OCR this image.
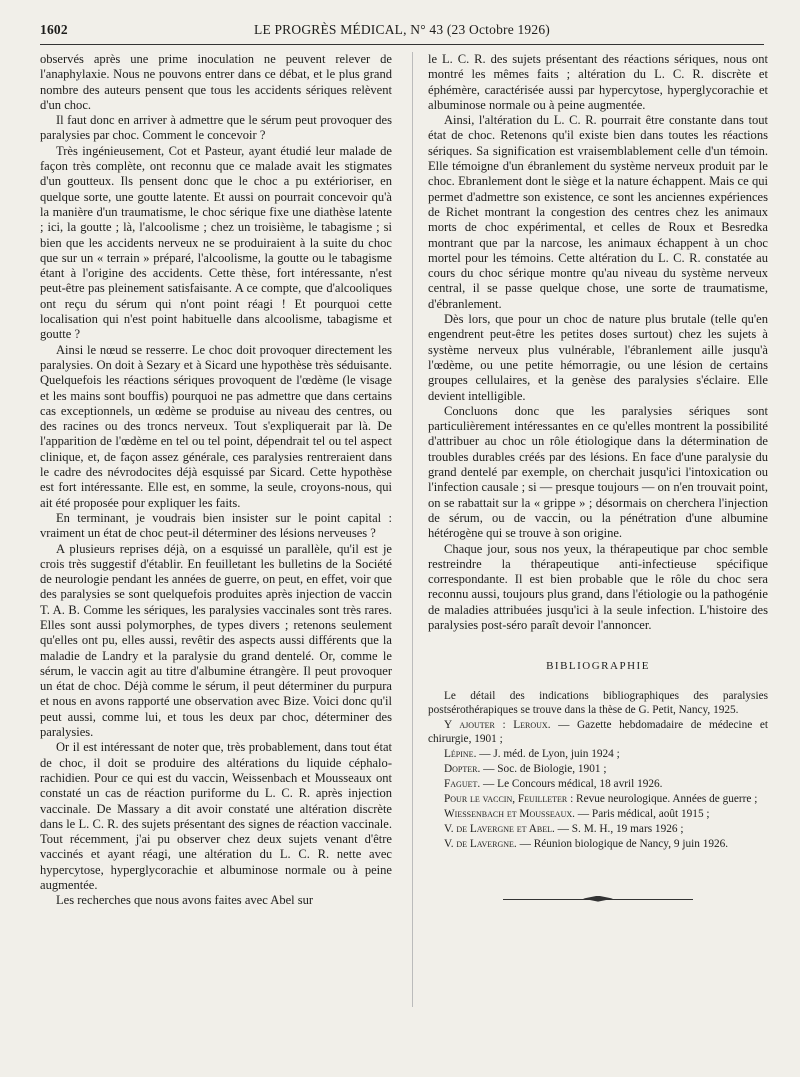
1602	LE PROGRÈS MÉDICAL, N° 43 (23 Octobre 1926)

observés après une prime inoculation ne peuvent relever de l'anaphylaxie. Nous ne pouvons entrer dans ce débat, et le plus grand nombre des auteurs pensent que tous les accidents sériques relèvent d'un choc.

Il faut donc en arriver à admettre que le sérum peut provoquer des paralysies par choc. Comment le concevoir ?

Très ingénieusement, Cot et Pasteur, ayant étudié leur malade de façon très complète, ont reconnu que ce malade avait les stigmates d'un goutteux. Ils pensent donc que le choc a pu extérioriser, en quelque sorte, une goutte latente. Et aussi on pourrait concevoir qu'à la manière d'un traumatisme, le choc sérique fixe une diathèse latente ; ici, la goutte ; là, l'alcoolisme ; chez un troisième, le tabagisme ; si bien que les accidents nerveux ne se produiraient à la suite du choc que sur un « terrain » préparé, l'alcoolisme, la goutte ou le tabagisme étant à l'origine des accidents. Cette thèse, fort intéressante, n'est peut-être pas pleinement satisfaisante. A ce compte, que d'alcooliques ont reçu du sérum qui n'ont point réagi ! Et pourquoi cette localisation qui n'est point habituelle dans alcoolisme, tabagisme et goutte ?

Ainsi le nœud se resserre. Le choc doit provoquer directement les paralysies. On doit à Sezary et à Sicard une hypothèse très séduisante. Quelquefois les réactions sériques provoquent de l'œdème (le visage et les mains sont bouffis) pourquoi ne pas admettre que dans certains cas exceptionnels, un œdème se produise au niveau des centres, ou des racines ou des troncs nerveux. Tout s'expliquerait par là. De l'apparition de l'œdème en tel ou tel point, dépendrait tel ou tel aspect clinique, et, de façon assez générale, ces paralysies rentreraient dans le cadre des névrodocites déjà esquissé par Sicard. Cette hypothèse est fort intéressante. Elle est, en somme, la seule, croyons-nous, qui ait été proposée pour expliquer les faits.

En terminant, je voudrais bien insister sur le point capital : vraiment un état de choc peut-il déterminer des lésions nerveuses ?

A plusieurs reprises déjà, on a esquissé un parallèle, qu'il est je crois très suggestif d'établir. En feuilletant les bulletins de la Société de neurologie pendant les années de guerre, on peut, en effet, voir que des paralysies se sont quelquefois produites après injection de vaccin T. A. B. Comme les sériques, les paralysies vaccinales sont très rares. Elles sont aussi polymorphes, de types divers ; retenons seulement qu'elles ont pu, elles aussi, revêtir des aspects aussi différents que la maladie de Landry et la paralysie du grand dentelé. Or, comme le sérum, le vaccin agit au titre d'albumine étrangère. Il peut provoquer un état de choc. Déjà comme le sérum, il peut déterminer du purpura et nous en avons rapporté une observation avec Bize. Voici donc qu'il peut aussi, comme lui, et tous les deux par choc, déterminer des paralysies.

Or il est intéressant de noter que, très probablement, dans tout état de choc, il doit se produire des altérations du liquide céphalo-rachidien. Pour ce qui est du vaccin, Weissenbach et Mousseaux ont constaté un cas de réaction puriforme du L. C. R. après injection vaccinale. De Massary a dit avoir constaté une altération discrète dans le L. C. R. des sujets présentant des signes de réaction vaccinale. Tout récemment, j'ai pu observer chez deux sujets venant d'être vaccinés et ayant réagi, une altération du L. C. R. nette avec hypercytose, hyperglycorachie et albuminose normale ou à peine augmentée.

Les recherches que nous avons faites avec Abel sur

le L. C. R. des sujets présentant des réactions sériques, nous ont montré les mêmes faits ; altération du L. C. R. discrète et éphémère, caractérisée aussi par hypercytose, hyperglycorachie et albuminose normale ou à peine augmentée.

Ainsi, l'altération du L. C. R. pourrait être constante dans tout état de choc. Retenons qu'il existe bien dans toutes les réactions sériques. Sa signification est vraisemblablement celle d'un témoin. Elle témoigne d'un ébranlement du système nerveux produit par le choc. Ebranlement dont le siège et la nature échappent. Mais ce qui permet d'admettre son existence, ce sont les anciennes expériences de Richet montrant la congestion des centres chez les animaux morts de choc expérimental, et celles de Roux et Besredka montrant que par la narcose, les animaux échappent à un choc mortel pour les témoins. Cette altération du L. C. R. constatée au cours du choc sérique montre qu'au niveau du système nerveux central, il se passe quelque chose, une sorte de traumatisme, d'ébranlement.

Dès lors, que pour un choc de nature plus brutale (telle qu'en engendrent peut-être les petites doses surtout) chez les sujets à système nerveux plus vulnérable, l'ébranlement aille jusqu'à l'œdème, ou une petite hémorragie, ou une lésion de certains groupes cellulaires, et la genèse des paralysies s'éclaire. Elle devient intelligible.

Concluons donc que les paralysies sériques sont particulièrement intéressantes en ce qu'elles montrent la possibilité d'attribuer au choc un rôle étiologique dans la détermination de troubles durables créés par des lésions. En face d'une paralysie du grand dentelé par exemple, on cherchait jusqu'ici l'intoxication ou l'infection causale ; si — presque toujours — on n'en trouvait point, on se rabattait sur la « grippe » ; désormais on cherchera l'injection de sérum, ou de vaccin, ou la pénétration d'une albumine hétérogène qui se trouve à son origine.

Chaque jour, sous nos yeux, la thérapeutique par choc semble restreindre la thérapeutique anti-infectieuse spécifique correspondante. Il est bien probable que le rôle du choc sera reconnu aussi, toujours plus grand, dans l'étiologie ou la pathogénie de maladies attribuées jusqu'ici à la seule infection. L'histoire des paralysies post-séro paraît devoir l'annoncer.

BIBLIOGRAPHIE

Le détail des indications bibliographiques des paralysies postsérothérapiques se trouve dans la thèse de G. Petit, Nancy, 1925.

Y ajouter : Leroux. — Gazette hebdomadaire de médecine et chirurgie, 1901 ;

Lépine. — J. méd. de Lyon, juin 1924 ;

Dopter. — Soc. de Biologie, 1901 ;

Faguet. — Le Concours médical, 18 avril 1926.

Pour le vaccin, Feuilleter : Revue neurologique. Années de guerre ;

Wiessenbach et Mousseaux. — Paris médical, août 1915 ;

V. de Lavergne et Abel. — S. M. H., 19 mars 1926 ;

V. de Lavergne. — Réunion biologique de Nancy, 9 juin 1926.
